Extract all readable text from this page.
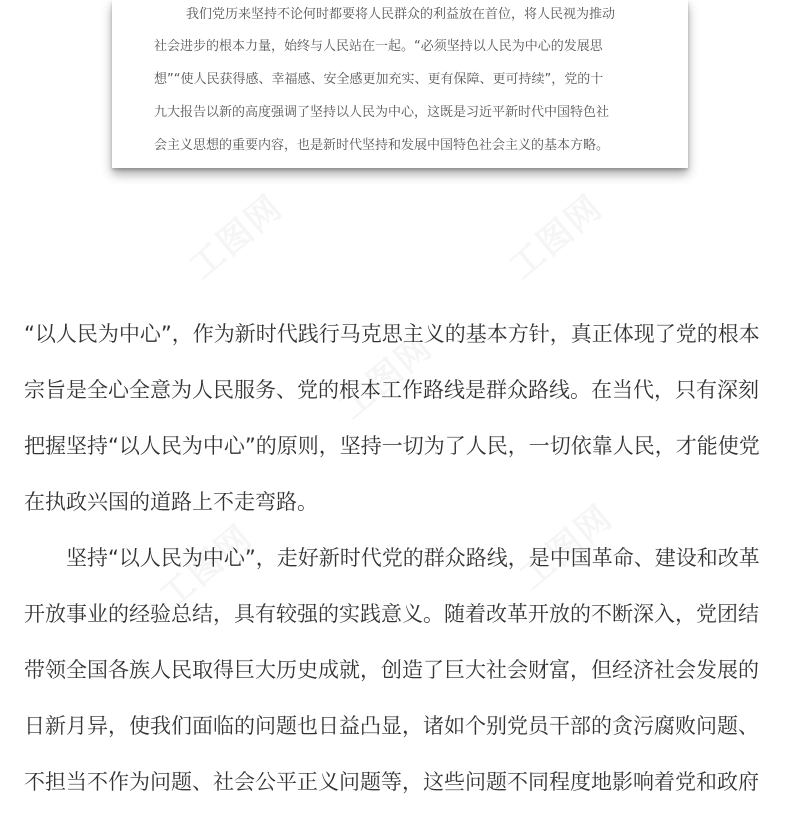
我们党历来坚持不论何时都要将人民群众的利益放在首位，将人民视为推动
社会进步的根本力量，始终与人民站在一起。“必须坚持以人民为中心的发展思
想”“使人民获得感、幸福感、安全感更加充实、更有保障、更可持续”，党的十
九大报告以新的高度强调了坚持以人民为中心，这既是习近平新时代中国特色社
会主义思想的重要内容，也是新时代坚持和发展中国特色社会主义的基本方略。
工图网	工图网
工图网
工图网	工图网
“以人民为中心”，作为新时代践行马克思主义的基本方针，真正体现了党的根本
宗旨是全心全意为人民服务、党的根本工作路线是群众路线。在当代，只有深刻
把握坚持“以人民为中心”的原则，坚持一切为了人民，一切依靠人民，才能使党
在执政兴国的道路上不走弯路。
坚持“以人民为中心”，走好新时代党的群众路线，是中国革命、建设和改革
开放事业的经验总结，具有较强的实践意义。随着改革开放的不断深入，党团结
带领全国各族人民取得巨大历史成就，创造了巨大社会财富，但经济社会发展的
日新月异，使我们面临的问题也日益凸显，诸如个别党员干部的贪污腐败问题、
不担当不作为问题、社会公平正义问题等，这些问题不同程度地影响着党和政府
